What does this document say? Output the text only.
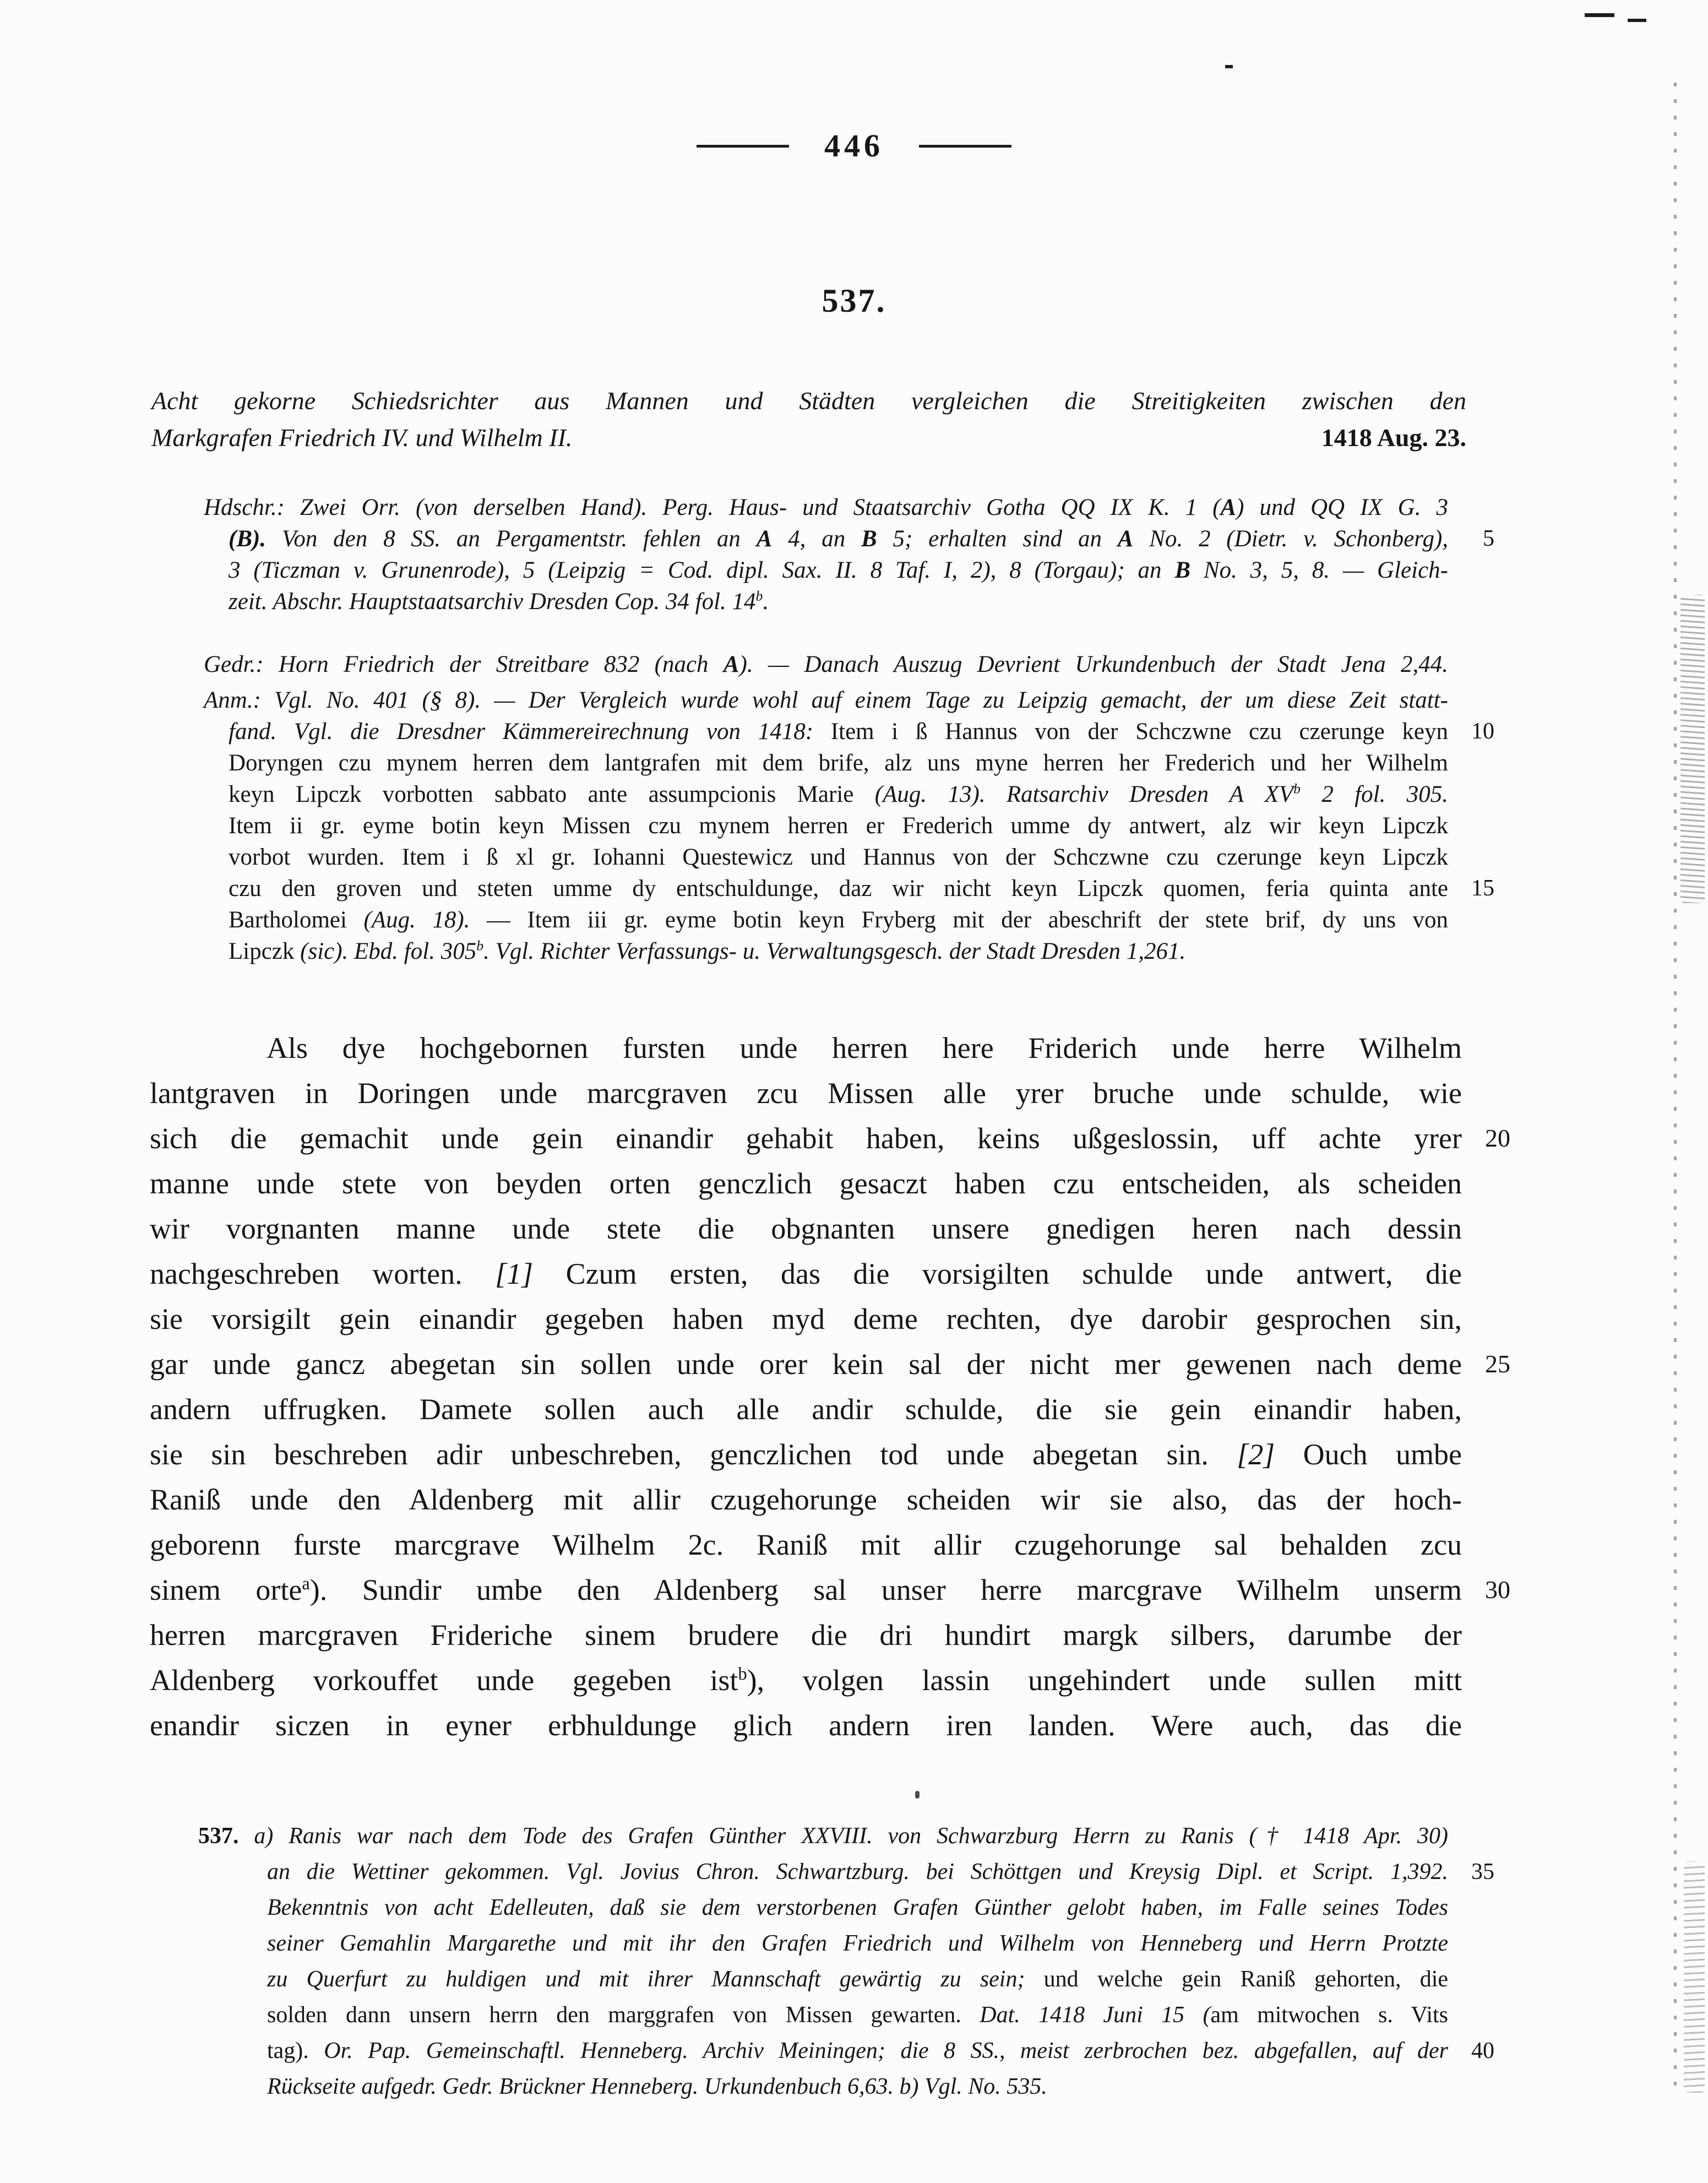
446
537.
Acht gekorne Schiedsrichter aus Mannen und Städten vergleichen die Streitigkeiten zwischen den
Markgrafen Friedrich IV. und Wilhelm II.	1418 Aug. 23.
Hdschr.: Zwei Orr. (von derselben Hand). Perg. Haus- und Staatsarchiv Gotha QQ IX K. 1 (A) und QQ IX G. 3
(B). Von den 8 SS. an Pergamentstr. fehlen an A 4, an B 5; erhalten sind an A No. 2 (Dietr. v. Schonberg), 5
3 (Ticzman v. Grunenrode), 5 (Leipzig = Cod. dipl. Sax. II. 8 Taf. I, 2), 8 (Torgau); an B No. 3, 5, 8. — Gleich-
zeit. Abschr. Hauptstaatsarchiv Dresden Cop. 34 fol. 14$^b$.
Gedr.: Horn Friedrich der Streitbare 832 (nach A). — Danach Auszug Devrient Urkundenbuch der Stadt Jena 2,44.
Anm.: Vgl. No. 401 (§ 8). — Der Vergleich wurde wohl auf einem Tage zu Leipzig gemacht, der um diese Zeit statt-
fand. Vgl. die Dresdner Kämmereirechnung von 1418: Item i ß Hannus von der Schczwne czu czerunge keyn 10
Doryngen czu mynem herren dem lantgrafen mit dem brife, alz uns myne herren her Frederich und her Wilhelm
keyn Lipczk vorbotten sabbato ante assumpcionis Marie (Aug. 13). Ratsarchiv Dresden A $XV^b$ 2 fol. 305.
Item ii gr. eyme botin keyn Missen czu mynem herren er Frederich umme dy antwert, alz wir keyn Lipczk
vorbot wurden. Item i ß xl gr. Iohanni Questewicz und Hannus von der Schczwne czu czerunge keyn Lipczk
czu den groven und steten umme dy entschuldunge, daz wir nicht keyn Lipczk quomen, feria quinta ante 15
Bartholomei (Aug. 18). — Item iii gr. eyme botin keyn Fryberg mit der abeschrift der stete brif, dy uns von
Lipczk (sic). Ebd. fol. 305$^b$. Vgl. Richter Verfassungs- u. Verwaltungsgesch. der Stadt Dresden 1,261.
Als dye hochgebornen fursten unde herren here Friderich unde herre Wilhelm
lantgraven in Doringen unde marcgraven zcu Missen alle yrer bruche unde schulde, wie
sich die gemachit unde gein einandir gehabit haben, keins ußgeslossin, uff achte yrer 20
manne unde stete von beyden orten genczlich gesaczt haben czu entscheiden, als scheiden
wir vorgnanten manne unde stete die obgnanten unsere gnedigen heren nach dessin
nachgeschreben worten. [1] Czum ersten, das die vorsigilten schulde unde antwert, die
sie vorsigilt gein einandir gegeben haben myd deme rechten, dye darobir gesprochen sin,
gar unde gancz abegetan sin sollen unde orer kein sal der nicht mer gewenen nach deme 25
andern uffrugken. Damete sollen auch alle andir schulde, die sie gein einandir haben,
sie sin beschreben adir unbeschreben, genczlichen tod unde abegetan sin. [2] Ouch umbe
Raniß unde den Aldenberg mit allir czugehorunge scheiden wir sie also, das der hoch-
geborenn furste marcgrave Wilhelm 2c. Raniß mit allir czugehorunge sal behalden zcu
sinem orte$^a$). Sundir umbe den Aldenberg sal unser herre marcgrave Wilhelm unserm 30
herren marcgraven Frideriche sinem brudere die dri hundirt margk silbers, darumbe der
Aldenberg vorkouffet unde gegeben ist$^b$), volgen lassin ungehindert unde sullen mitt
enandir siczen in eyner erbhuldunge glich andern iren landen. Were auch, das die
537. a) Ranis war nach dem Tode des Grafen Günther XXVIII. von Schwarzburg Herrn zu Ranis († 1418 Apr. 30)
an die Wettiner gekommen. Vgl. Jovius Chron. Schwartzburg. bei Schöttgen und Kreysig Dipl. et Script. 1,392. 35
Bekenntnis von acht Edelleuten, daß sie dem verstorbenen Grafen Günther gelobt haben, im Falle seines Todes
seiner Gemahlin Margarethe und mit ihr den Grafen Friedrich und Wilhelm von Henneberg und Herrn Protzte
zu Querfurt zu huldigen und mit ihrer Mannschaft gewärtig zu sein; und welche gein Raniß gehorten, die
solden dann unsern herrn den marggrafen von Missen gewarten. Dat. 1418 Juni 15 (am mitwochen s. Vits
tag). Or. Pap. Gemeinschaftl. Henneberg. Archiv Meiningen; die 8 SS., meist zerbrochen bez. abgefallen, auf der 40
Rückseite aufgedr. Gedr. Brückner Henneberg. Urkundenbuch 6,63. b) Vgl. No. 535.
